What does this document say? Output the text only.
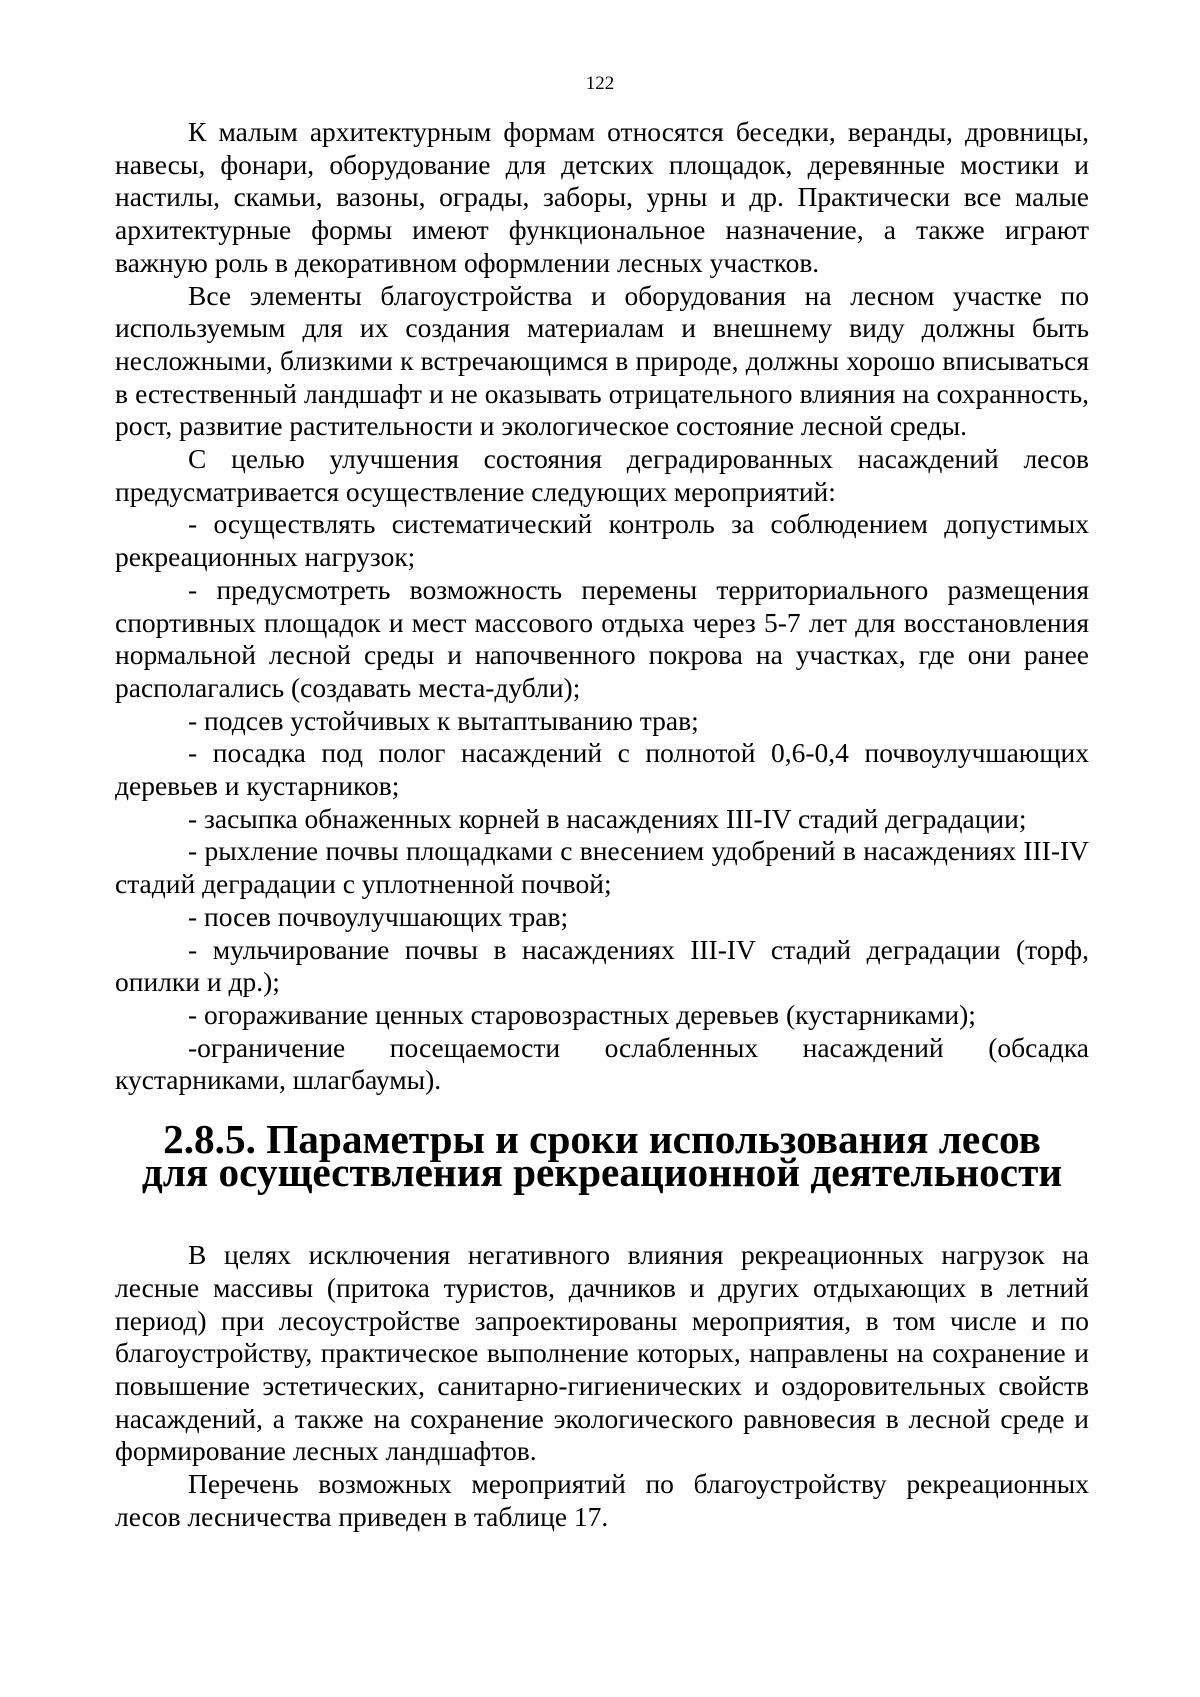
122

К малым архитектурным формам относятся беседки, веранды, дровницы, навесы, фонари, оборудование для детских площадок, деревянные мостики и настилы, скамьи, вазоны, ограды, заборы, урны и др. Практически все малые архитектурные формы имеют функциональное назначение, а также играют важную роль в декоративном оформлении лесных участков.

Все элементы благоустройства и оборудования на лесном участке по используемым для их создания материалам и внешнему виду должны быть несложными, близкими к встречающимся в природе, должны хорошо вписываться в естественный ландшафт и не оказывать отрицательного влияния на сохранность, рост, развитие растительности и экологическое состояние лесной среды.

С целью улучшения состояния деградированных насаждений лесов предусматривается осуществление следующих мероприятий:

- осуществлять систематический контроль за соблюдением допустимых рекреационных нагрузок;

- предусмотреть возможность перемены территориального размещения спортивных площадок и мест массового отдыха через 5-7 лет для восстановления нормальной лесной среды и напочвенного покрова на участках, где они ранее располагались (создавать места-дубли);

- подсев устойчивых к вытаптыванию трав;

- посадка под полог насаждений с полнотой 0,6-0,4 почвоулучшающих деревьев и кустарников;

- засыпка обнаженных корней в насаждениях III-IV стадий деградации;

- рыхление почвы площадками с внесением удобрений в насаждениях III-IV стадий деградации с уплотненной почвой;

- посев почвоулучшающих трав;

- мульчирование почвы в насаждениях III-IV стадий деградации (торф, опилки и др.);

- огораживание ценных старовозрастных деревьев (кустарниками);

-ограничение посещаемости ослабленных насаждений (обсадка кустарниками, шлагбаумы).

2.8.5. Параметры и сроки использования лесов
для осуществления рекреационной деятельности

В целях исключения негативного влияния рекреационных нагрузок на лесные массивы (притока туристов, дачников и других отдыхающих в летний период) при лесоустройстве запроектированы мероприятия, в том числе и по благоустройству, практическое выполнение которых, направлены на сохранение и повышение эстетических, санитарно-гигиенических и оздоровительных свойств насаждений, а также на сохранение экологического равновесия в лесной среде и формирование лесных ландшафтов.

Перечень возможных мероприятий по благоустройству рекреационных лесов лесничества приведен в таблице 17.
